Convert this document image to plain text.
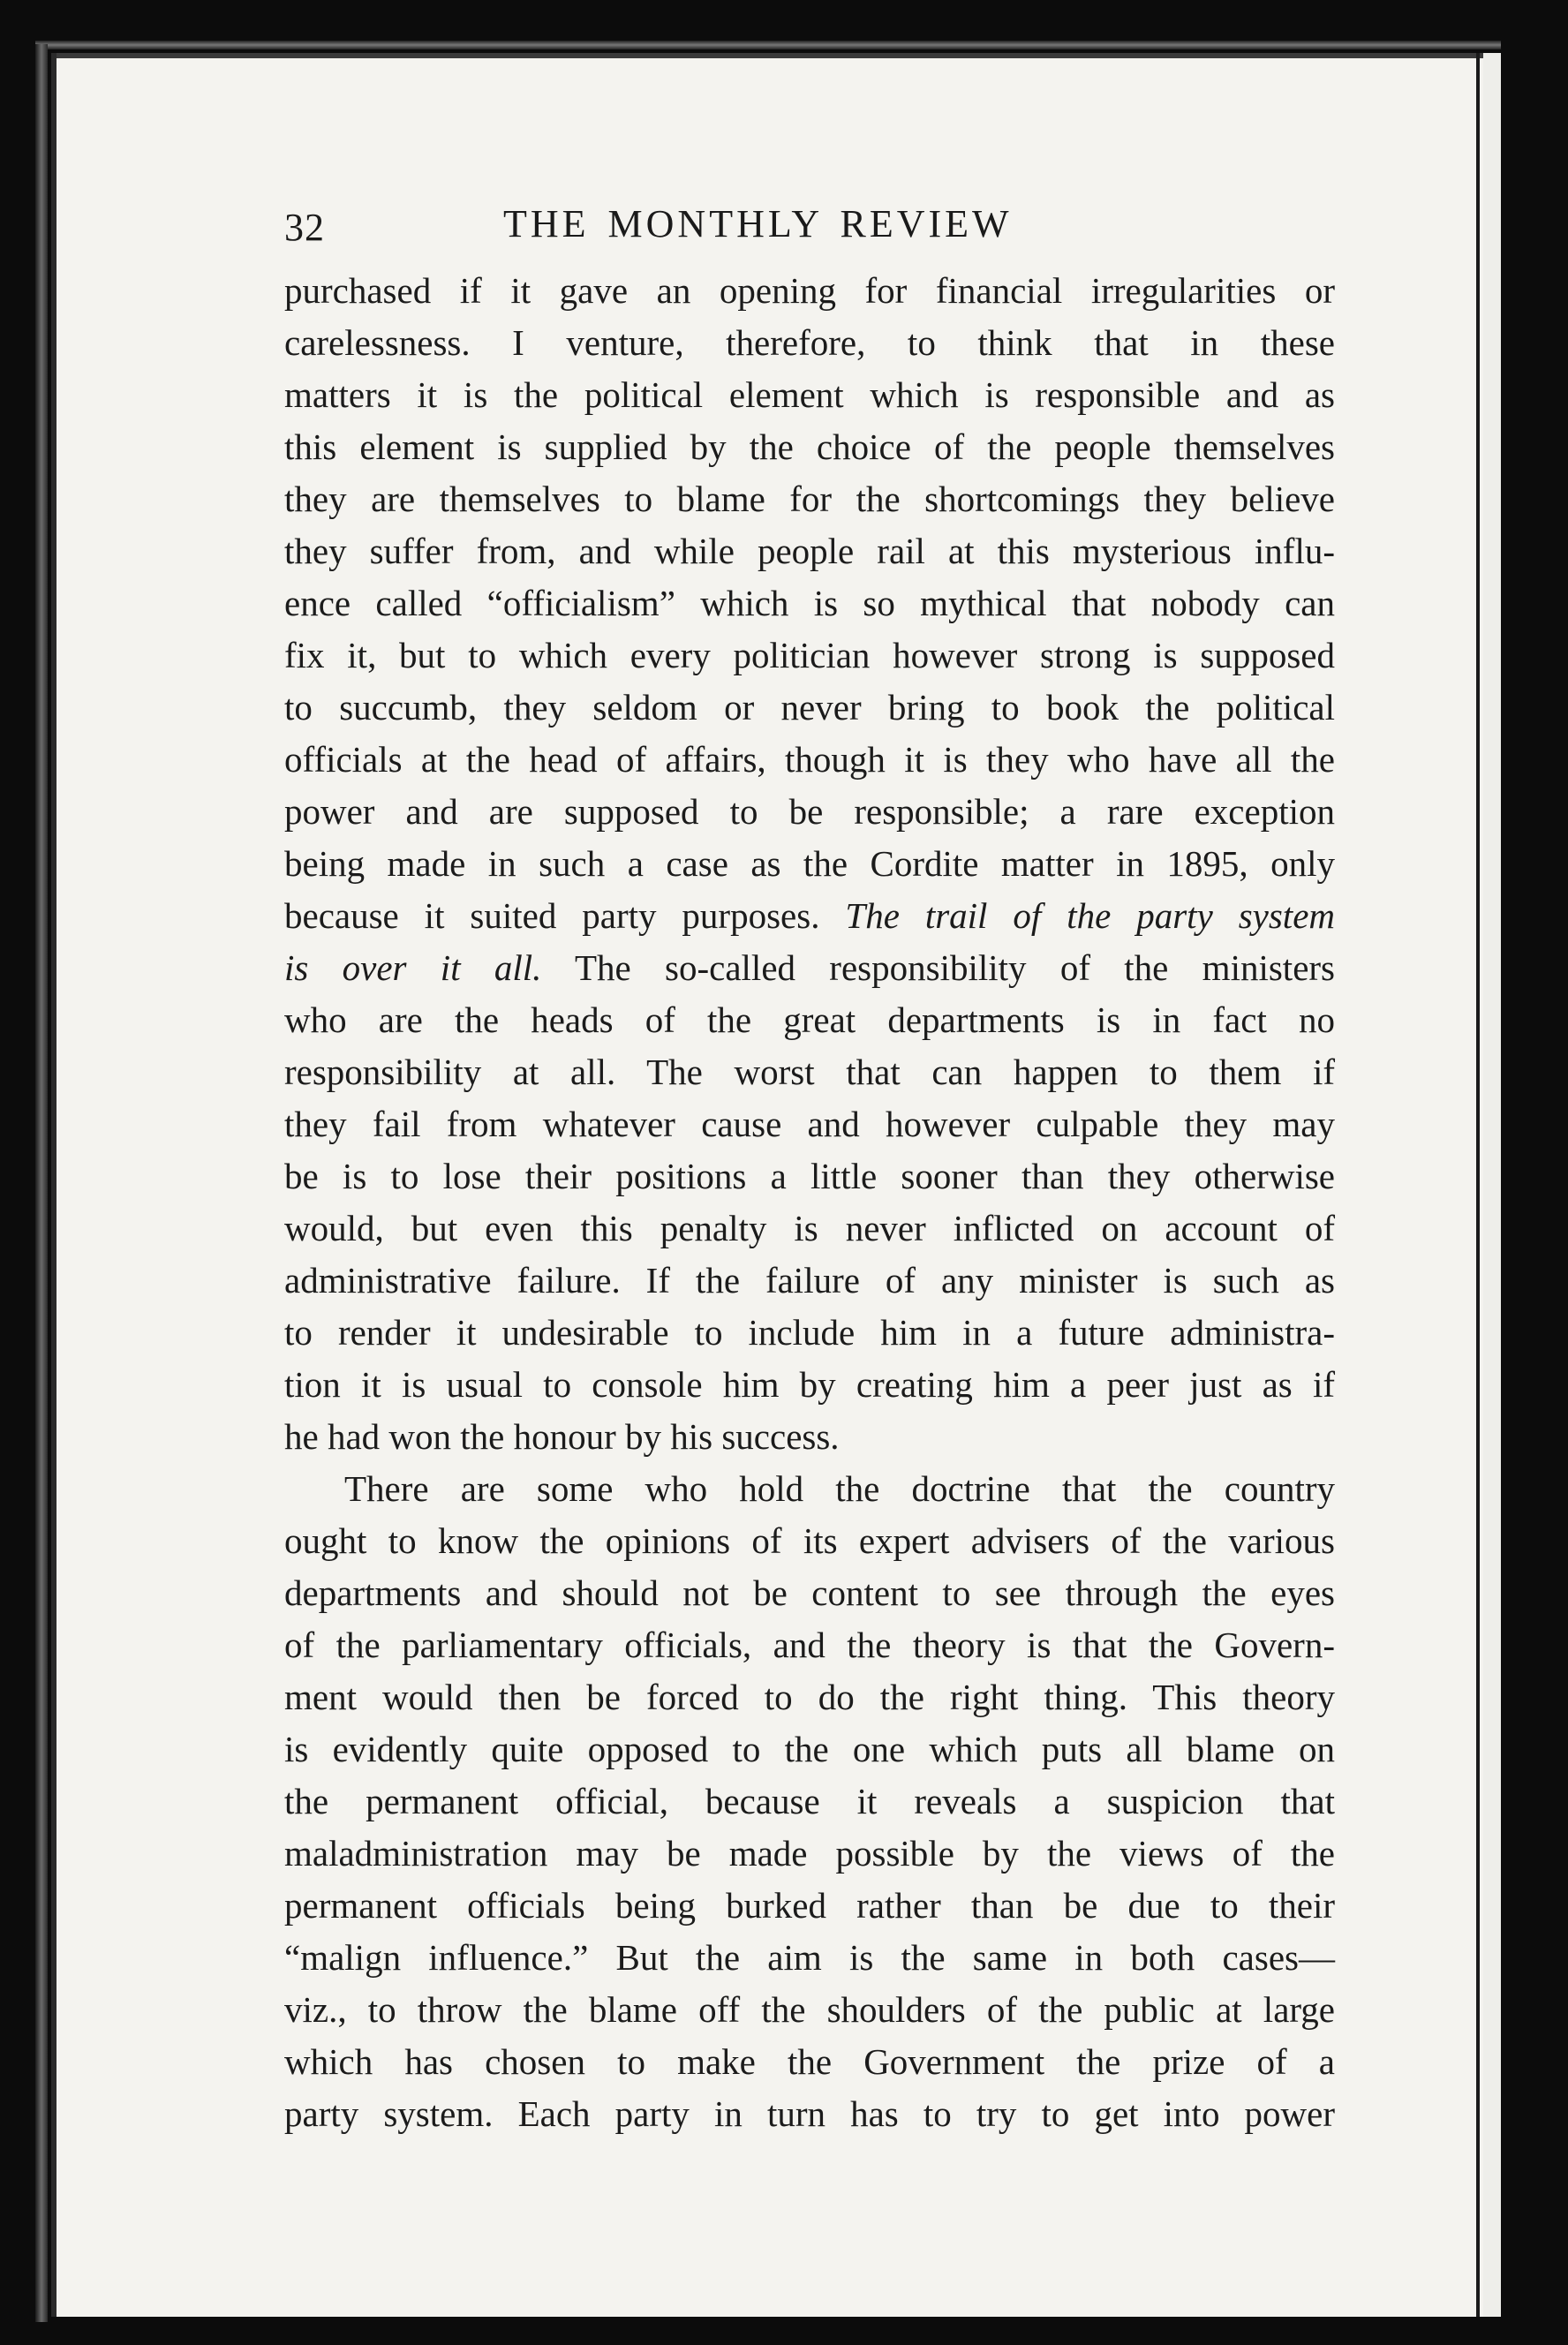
32	THE MONTHLY REVIEW
purchased if it gave an opening for financial irregularities or
carelessness. I venture, therefore, to think that in these
matters it is the political element which is responsible and as
this element is supplied by the choice of the people themselves
they are themselves to blame for the shortcomings they believe
they suffer from, and while people rail at this mysterious influ-
ence called “officialism” which is so mythical that nobody can
fix it, but to which every politician however strong is supposed
to succumb, they seldom or never bring to book the political
officials at the head of affairs, though it is they who have all the
power and are supposed to be responsible; a rare exception
being made in such a case as the Cordite matter in 1895, only
because it suited party purposes. The trail of the party system
is over it all. The so-called responsibility of the ministers
who are the heads of the great departments is in fact no
responsibility at all. The worst that can happen to them if
they fail from whatever cause and however culpable they may
be is to lose their positions a little sooner than they otherwise
would, but even this penalty is never inflicted on account of
administrative failure. If the failure of any minister is such as
to render it undesirable to include him in a future administra-
tion it is usual to console him by creating him a peer just as if
he had won the honour by his success.
There are some who hold the doctrine that the country
ought to know the opinions of its expert advisers of the various
departments and should not be content to see through the eyes
of the parliamentary officials, and the theory is that the Govern-
ment would then be forced to do the right thing. This theory
is evidently quite opposed to the one which puts all blame on
the permanent official, because it reveals a suspicion that
maladministration may be made possible by the views of the
permanent officials being burked rather than be due to their
“malign influence.” But the aim is the same in both cases—
viz., to throw the blame off the shoulders of the public at large
which has chosen to make the Government the prize of a
party system. Each party in turn has to try to get into power
